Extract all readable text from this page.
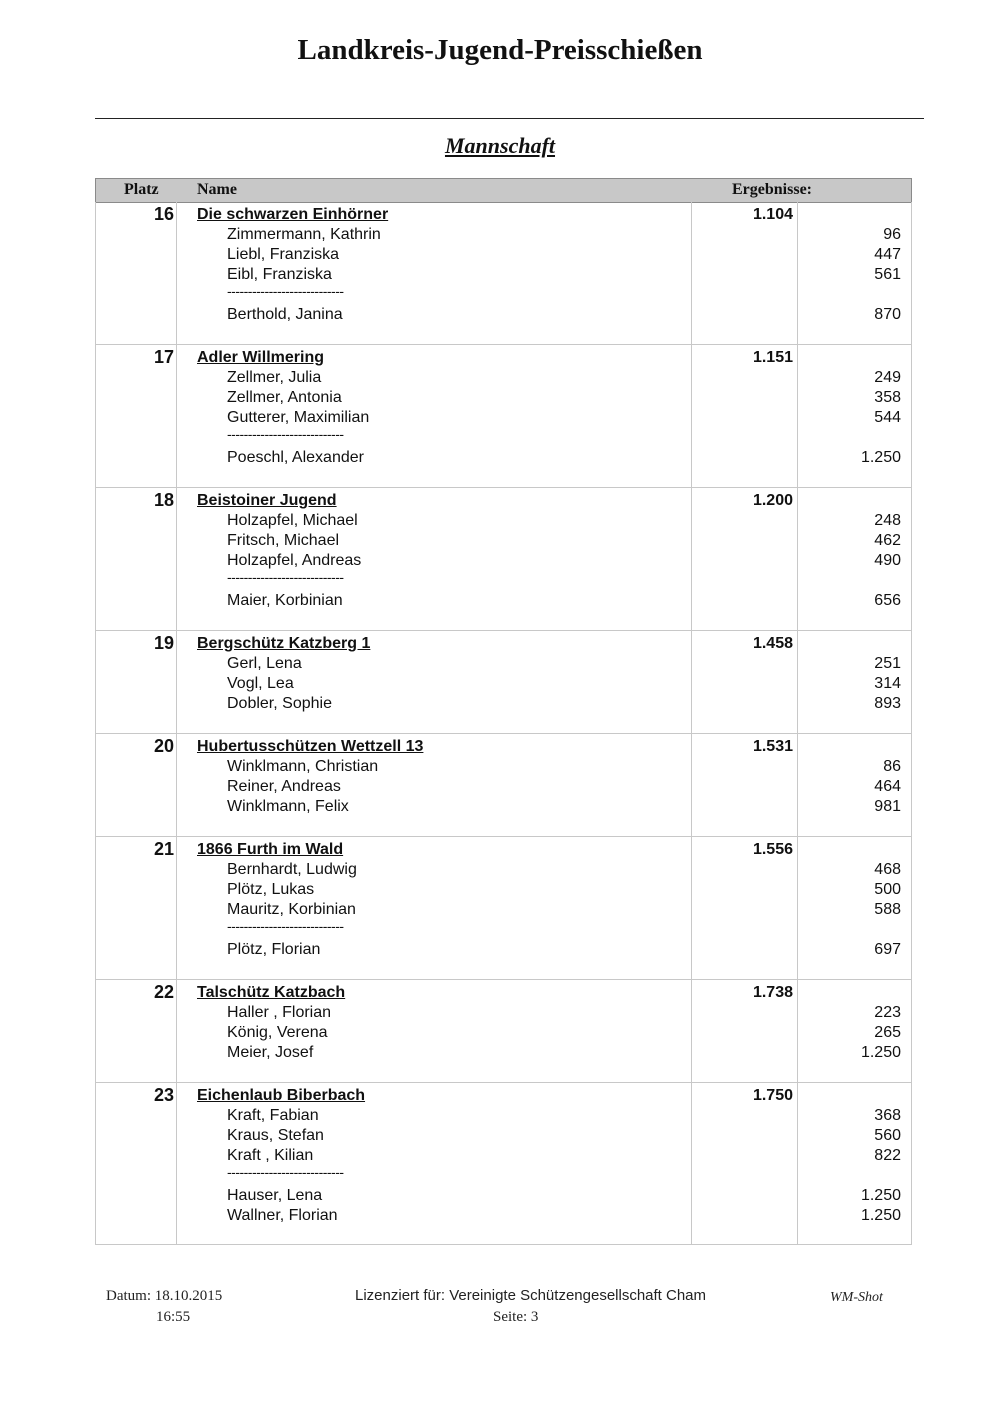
Landkreis-Jugend-Preisschießen
Mannschaft
Platz Name	Ergebnisse:
16 Die schwarzen Einhörner	1.104
Zimmermann, Kathrin	96
Liebl, Franziska	447
Eibl, Franziska	561
----------------------------
Berthold, Janina	870
17 Adler Willmering	1.151
Zellmer, Julia	249
Zellmer, Antonia	358
Gutterer, Maximilian	544
----------------------------
Poeschl, Alexander	1.250
18 Beistoiner Jugend	1.200
Holzapfel, Michael	248
Fritsch, Michael	462
Holzapfel, Andreas	490
----------------------------
Maier, Korbinian	656
19 Bergschütz Katzberg 1	1.458
Gerl, Lena	251
Vogl, Lea	314
Dobler, Sophie	893
20 Hubertusschützen Wettzell 13	1.531
Winklmann, Christian	86
Reiner, Andreas	464
Winklmann, Felix	981
21 1866 Furth im Wald	1.556
Bernhardt, Ludwig	468
Plötz, Lukas	500
Mauritz, Korbinian	588
----------------------------
Plötz, Florian	697
22 Talschütz Katzbach	1.738
Haller , Florian	223
König, Verena	265
Meier, Josef	1.250
23 Eichenlaub Biberbach	1.750
Kraft, Fabian	368
Kraus, Stefan	560
Kraft , Kilian	822
----------------------------
Hauser, Lena	1.250
Wallner, Florian	1.250
Datum: 18.10.2015
16:55
Lizenziert für: Vereinigte Schützengesellschaft Cham
Seite: 3
WM-Shot
